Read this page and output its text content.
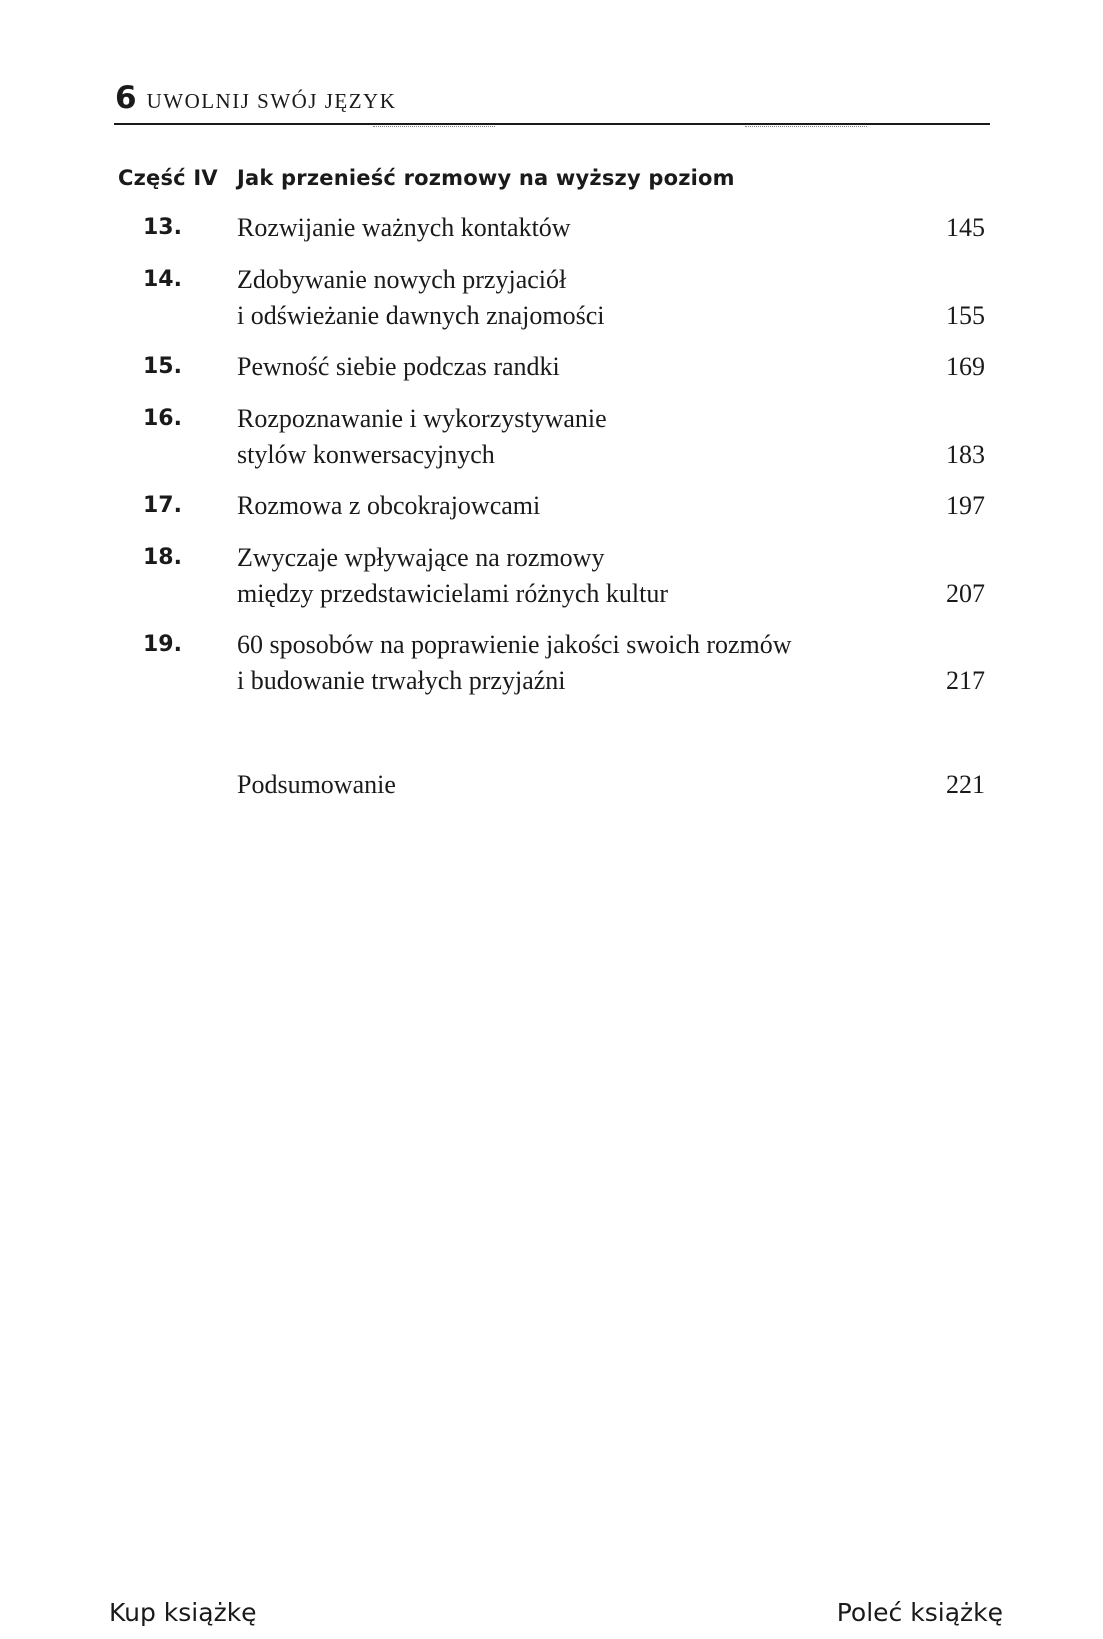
6 UWOLNIJ SWÓJ JĘZYK
Część IV Jak przenieść rozmowy na wyższy poziom
13. Rozwijanie ważnych kontaktów	145
14. Zdobywanie nowych przyjaciół
i odświeżanie dawnych znajomości	155
15. Pewność siebie podczas randki	169
16. Rozpoznawanie i wykorzystywanie
stylów konwersacyjnych	183
17. Rozmowa z obcokrajowcami	197
18. Zwyczaje wpływające na rozmowy
między przedstawicielami różnych kultur	207
19. 60 sposobów na poprawienie jakości swoich rozmów
i budowanie trwałych przyjaźni	217
Podsumowanie	221
Kup książkę	Poleć książkę
